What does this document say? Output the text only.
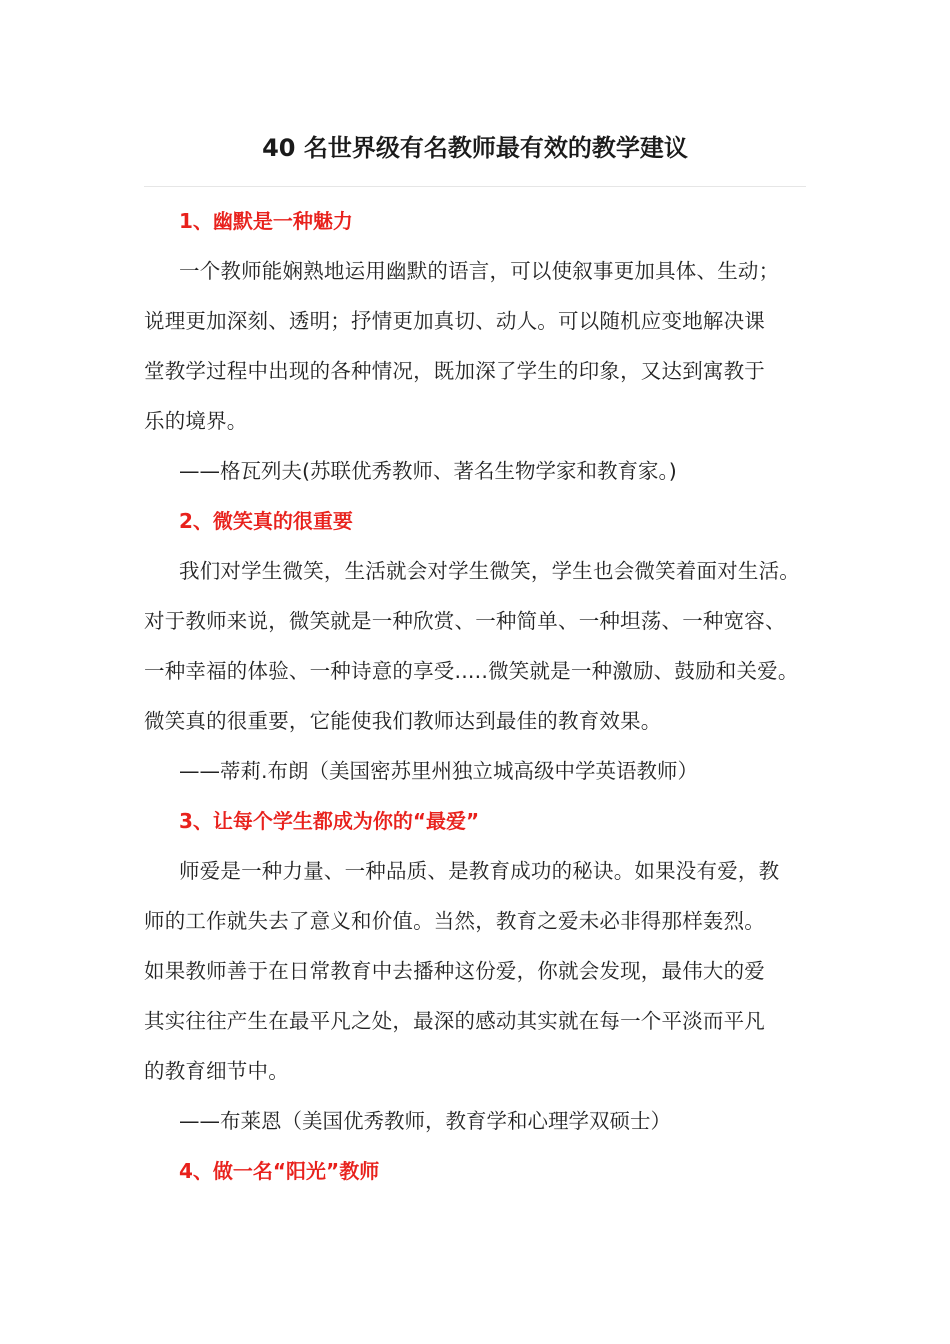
40 名世界级有名教师最有效的教学建议
1、幽默是一种魅力

一个教师能娴熟地运用幽默的语言，可以使叙事更加具体、生动；
说理更加深刻、透明；抒情更加真切、动人。可以随机应变地解决课
堂教学过程中出现的各种情况，既加深了学生的印象，又达到寓教于
乐的境界。

——格瓦列夫(苏联优秀教师、著名生物学家和教育家。)
2、微笑真的很重要

我们对学生微笑，生活就会对学生微笑，学生也会微笑着面对生活。
对于教师来说，微笑就是一种欣赏、一种简单、一种坦荡、一种宽容、
一种幸福的体验、一种诗意的享受.....微笑就是一种激励、鼓励和关爱。
微笑真的很重要，它能使我们教师达到最佳的教育效果。

——蒂莉.布朗（美国密苏里州独立城高级中学英语教师）
3、让每个学生都成为你的“最爱”

师爱是一种力量、一种品质、是教育成功的秘诀。如果没有爱，教
师的工作就失去了意义和价值。当然，教育之爱未必非得那样轰烈。
如果教师善于在日常教育中去播种这份爱，你就会发现，最伟大的爱
其实往往产生在最平凡之处，最深的感动其实就在每一个平淡而平凡
的教育细节中。

——布莱恩（美国优秀教师，教育学和心理学双硕士）
4、做一名“阳光”教师
